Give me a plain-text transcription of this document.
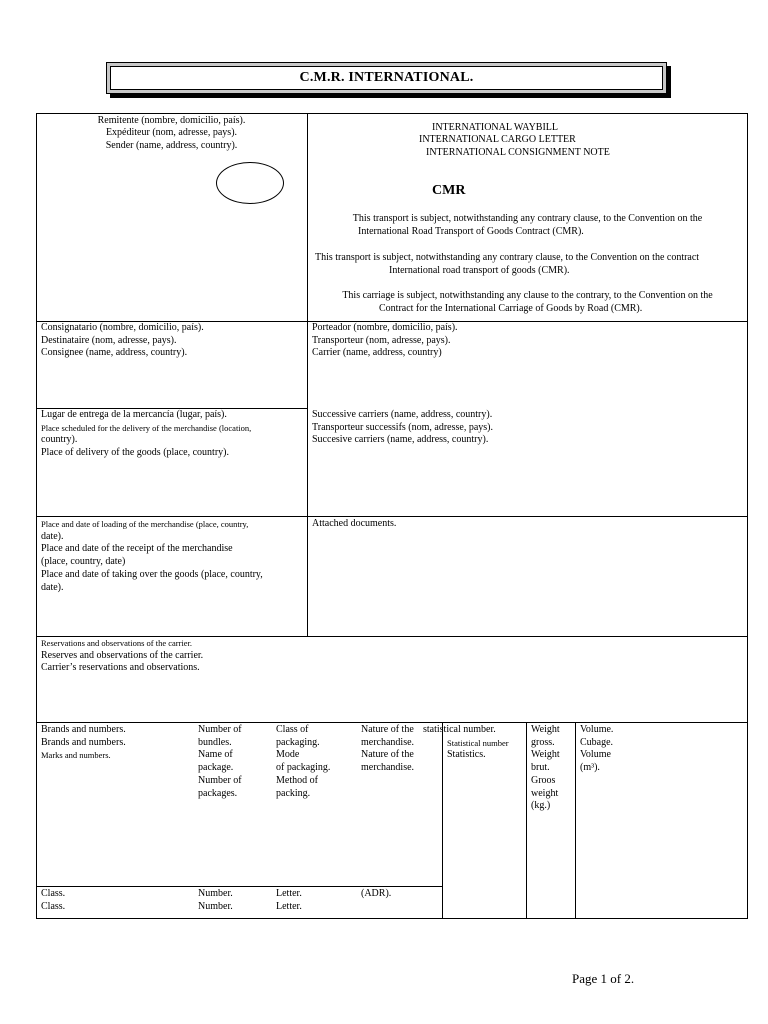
C.M.R. INTERNATIONAL.
Remitente (nombre, domicilio, país).
Expéditeur (nom, adresse, pays).
Sender (name, address, country).
INTERNATIONAL WAYBILL
INTERNATIONAL CARGO LETTER
INTERNATIONAL CONSIGNMENT NOTE
CMR
This transport is subject, notwithstanding any contrary clause, to the Convention on the
International Road Transport of Goods Contract (CMR).
This transport is subject, notwithstanding any contrary clause, to the Convention on the contract
International road transport of goods (CMR).
This carriage is subject, notwithstanding any clause to the contrary, to the Convention on the
Contract for the International Carriage of Goods by Road (CMR).
Consignatario (nombre, domicilio, país).
Destinataire (nom, adresse, pays).
Consignee (name, address, country).
Porteador (nombre, domicilio, país).
Transporteur (nom, adresse, pays).
Carrier (name, address, country)
Lugar de entrega de la mercancía (lugar, país).
Place scheduled for the delivery of the merchandise (location,
country).
Place of delivery of the goods (place, country).
Successive carriers (name, address, country).
Transporteur successifs (nom, adresse, pays).
Succesive carriers (name, address, country).
Place and date of loading of the merchandise (place, country,
date).
Place and date of the receipt of the merchandise
(place, country, date)
Place and date of taking over the goods (place, country,
date).
Attached documents.
Reservations and observations of the carrier.
Reserves and observations of the carrier.
Carrier’s reservations and observations.
Brands and numbers.
Brands and numbers.
Marks and numbers.
Number of
bundles.
Name of
package.
Number of
packages.
Class of
packaging.
Mode
of packaging.
Method of
packing.
Nature of the
merchandise.
Nature of the
merchandise.
statistical number.
Statistical number
Statistics.
Weight
gross.
Weight
brut.
Groos
weight
(kg.)
Volume.
Cubage.
Volume
(m³).
Class.
Class.
Number.
Number.
Letter.
Letter.
(ADR).
Page 1 of 2.
